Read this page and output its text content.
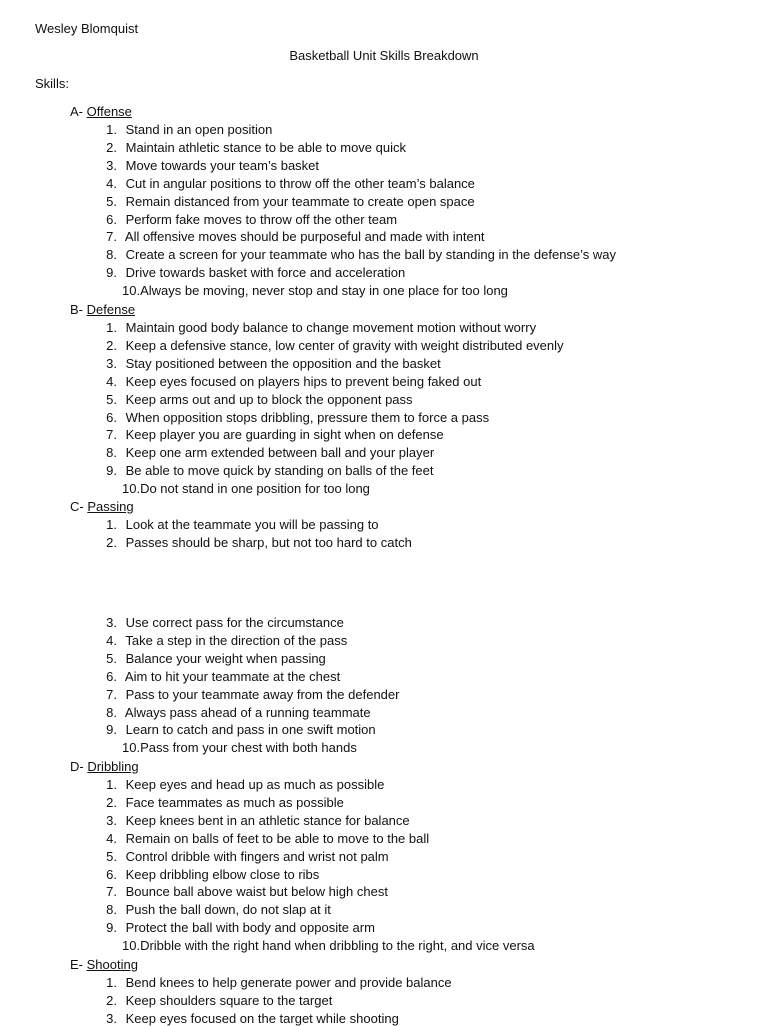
Wesley Blomquist
Basketball Unit Skills Breakdown
Skills:
A- Offense
1. Stand in an open position
2. Maintain athletic stance to be able to move quick
3. Move towards your team’s basket
4. Cut in angular positions to throw off the other team’s balance
5. Remain distanced from your teammate to create open space
6. Perform fake moves to throw off the other team
7. All offensive moves should be purposeful and made with intent
8. Create a screen for your teammate who has the ball by standing in the defense’s way
9. Drive towards basket with force and acceleration
10.Always be moving, never stop and stay in one place for too long
B- Defense
1. Maintain good body balance to change movement motion without worry
2. Keep a defensive stance, low center of gravity with weight distributed evenly
3. Stay positioned between the opposition and the basket
4. Keep eyes focused on players hips to prevent being faked out
5. Keep arms out and up to block the opponent pass
6. When opposition stops dribbling, pressure them to force a pass
7. Keep player you are guarding in sight when on defense
8. Keep one arm extended between ball and your player
9. Be able to move quick by standing on balls of the feet
10.Do not stand in one position for too long
C- Passing
1. Look at the teammate you will be passing to
2. Passes should be sharp, but not too hard to catch
3. Use correct pass for the circumstance
4. Take a step in the direction of the pass
5. Balance your weight when passing
6. Aim to hit your teammate at the chest
7. Pass to your teammate away from the defender
8. Always pass ahead of a running teammate
9. Learn to catch and pass in one swift motion
10.Pass from your chest with both hands
D- Dribbling
1. Keep eyes and head up as much as possible
2. Face teammates as much as possible
3. Keep knees bent in an athletic stance for balance
4. Remain on balls of feet to be able to move to the ball
5. Control dribble with fingers and wrist not palm
6. Keep dribbling elbow close to ribs
7. Bounce ball above waist but below high chest
8. Push the ball down, do not slap at it
9. Protect the ball with body and opposite arm
10.Dribble with the right hand when dribbling to the right, and vice versa
E- Shooting
1. Bend knees to help generate power and provide balance
2. Keep shoulders square to the target
3. Keep eyes focused on the target while shooting
